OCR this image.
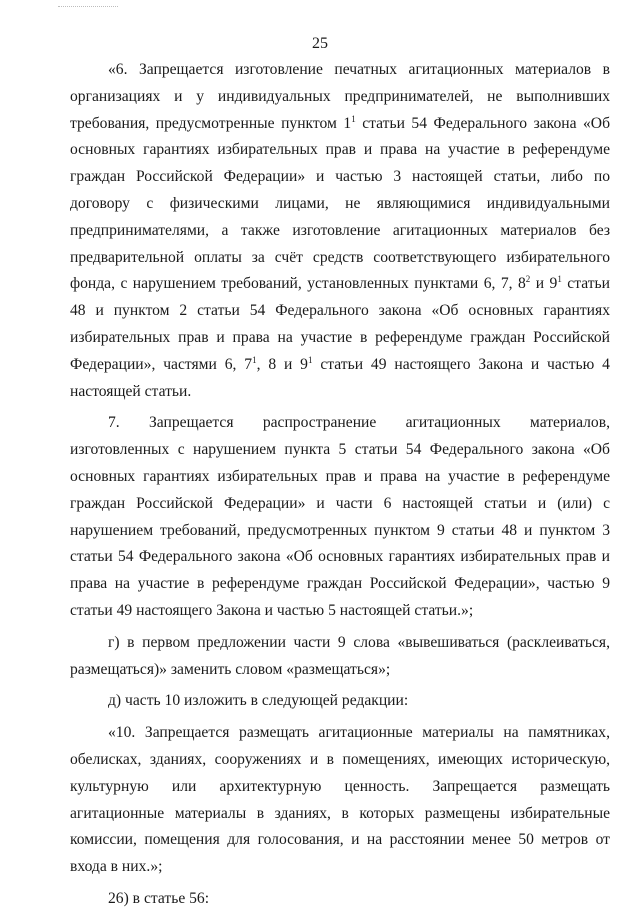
25

«6. Запрещается изготовление печатных агитационных материалов в организациях и у индивидуальных предпринимателей, не выполнивших требования, предусмотренные пунктом $1^1$ статьи 54 Федерального закона «Об основных гарантиях избирательных прав и права на участие в референдуме граждан Российской Федерации» и частью 3 настоящей статьи, либо по договору с физическими лицами, не являющимися индивидуальными предпринимателями, а также изготовление агитационных материалов без предварительной оплаты за счёт средств соответствующего избирательного фонда, с нарушением требований, установленных пунктами 6, 7, $8^2$ и $9^1$ статьи 48 и пунктом 2 статьи 54 Федерального закона «Об основных гарантиях избирательных прав и права на участие в референдуме граждан Российской Федерации», частями 6, $7^1$, 8 и $9^1$ статьи 49 настоящего Закона и частью 4 настоящей статьи.

7. Запрещается распространение агитационных материалов, изготовленных с нарушением пункта 5 статьи 54 Федерального закона «Об основных гарантиях избирательных прав и права на участие в референдуме граждан Российской Федерации» и части 6 настоящей статьи и (или) с нарушением требований, предусмотренных пунктом 9 статьи 48 и пунктом 3 статьи 54 Федерального закона «Об основных гарантиях избирательных прав и права на участие в референдуме граждан Российской Федерации», частью 9 статьи 49 настоящего Закона и частью 5 настоящей статьи.»;

г) в первом предложении части 9 слова «вывешиваться (расклеиваться, размещаться)» заменить словом «размещаться»;

д) часть 10 изложить в следующей редакции:

«10. Запрещается размещать агитационные материалы на памятниках, обелисках, зданиях, сооружениях и в помещениях, имеющих историческую, культурную или архитектурную ценность. Запрещается размещать агитационные материалы в зданиях, в которых размещены избирательные комиссии, помещения для голосования, и на расстоянии менее 50 метров от входа в них.»;

26) в статье 56:
